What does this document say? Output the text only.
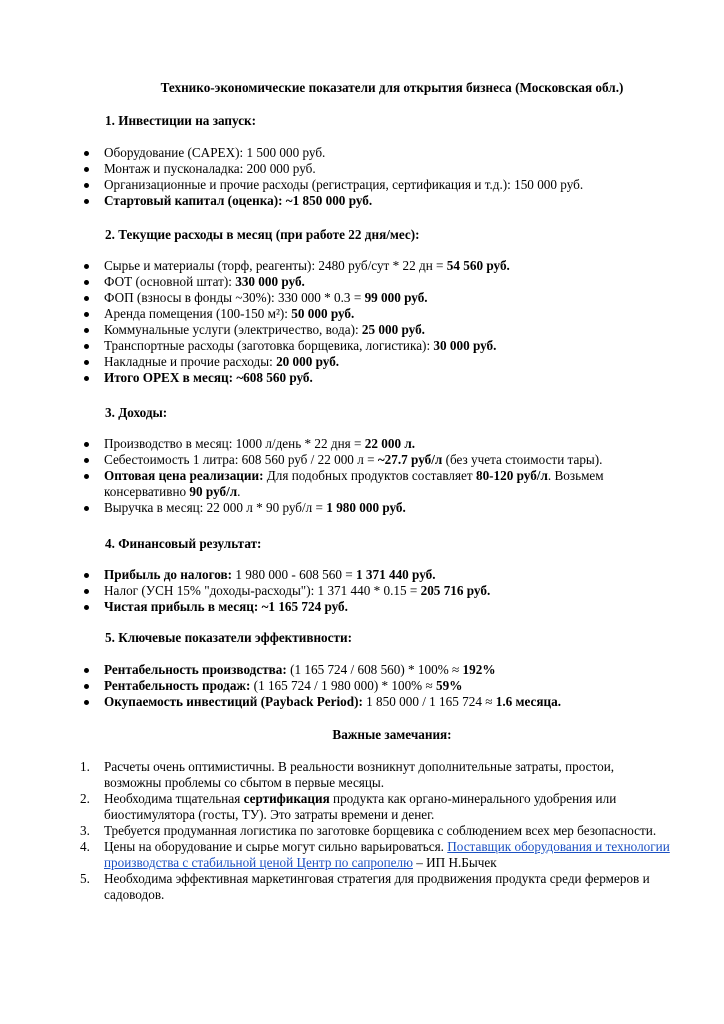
Технико-экономические показатели для открытия бизнеса (Московская обл.)
1. Инвестиции на запуск:
Оборудование (CAPEX): 1 500 000 руб.
Монтаж и пусконаладка: 200 000 руб.
Организационные и прочие расходы (регистрация, сертификация и т.д.): 150 000 руб.
Стартовый капитал (оценка): ~1 850 000 руб.
2. Текущие расходы в месяц (при работе 22 дня/мес):
Сырье и материалы (торф, реагенты): 2480 руб/сут * 22 дн = 54 560 руб.
ФОТ (основной штат): 330 000 руб.
ФОП (взносы в фонды ~30%): 330 000 * 0.3 = 99 000 руб.
Аренда помещения (100-150 м²): 50 000 руб.
Коммунальные услуги (электричество, вода): 25 000 руб.
Транспортные расходы (заготовка борщевика, логистика): 30 000 руб.
Накладные и прочие расходы: 20 000 руб.
Итого OPEX в месяц: ~608 560 руб.
3. Доходы:
Производство в месяц: 1000 л/день * 22 дня = 22 000 л.
Себестоимость 1 литра: 608 560 руб / 22 000 л = ~27.7 руб/л (без учета стоимости тары).
Оптовая цена реализации: Для подобных продуктов составляет 80-120 руб/л. Возьмем консервативно 90 руб/л.
Выручка в месяц: 22 000 л * 90 руб/л = 1 980 000 руб.
4. Финансовый результат:
Прибыль до налогов: 1 980 000 - 608 560 = 1 371 440 руб.
Налог (УСН 15% "доходы-расходы"): 1 371 440 * 0.15 = 205 716 руб.
Чистая прибыль в месяц: ~1 165 724 руб.
5. Ключевые показатели эффективности:
Рентабельность производства: (1 165 724 / 608 560) * 100% ≈ 192%
Рентабельность продаж: (1 165 724 / 1 980 000) * 100% ≈ 59%
Окупаемость инвестиций (Payback Period): 1 850 000 / 1 165 724 ≈ 1.6 месяца.
Важные замечания:
1. Расчеты очень оптимистичны. В реальности возникнут дополнительные затраты, простои, возможны проблемы со сбытом в первые месяцы.
2. Необходима тщательная сертификация продукта как органо-минерального удобрения или биостимулятора (госты, ТУ). Это затраты времени и денег.
3. Требуется продуманная логистика по заготовке борщевика с соблюдением всех мер безопасности.
4. Цены на оборудование и сырье могут сильно варьироваться. Поставщик оборудования и технологии производства с стабильной ценой Центр по сапропелю – ИП Н.Бычек
5. Необходима эффективная маркетинговая стратегия для продвижения продукта среди фермеров и садоводов.
